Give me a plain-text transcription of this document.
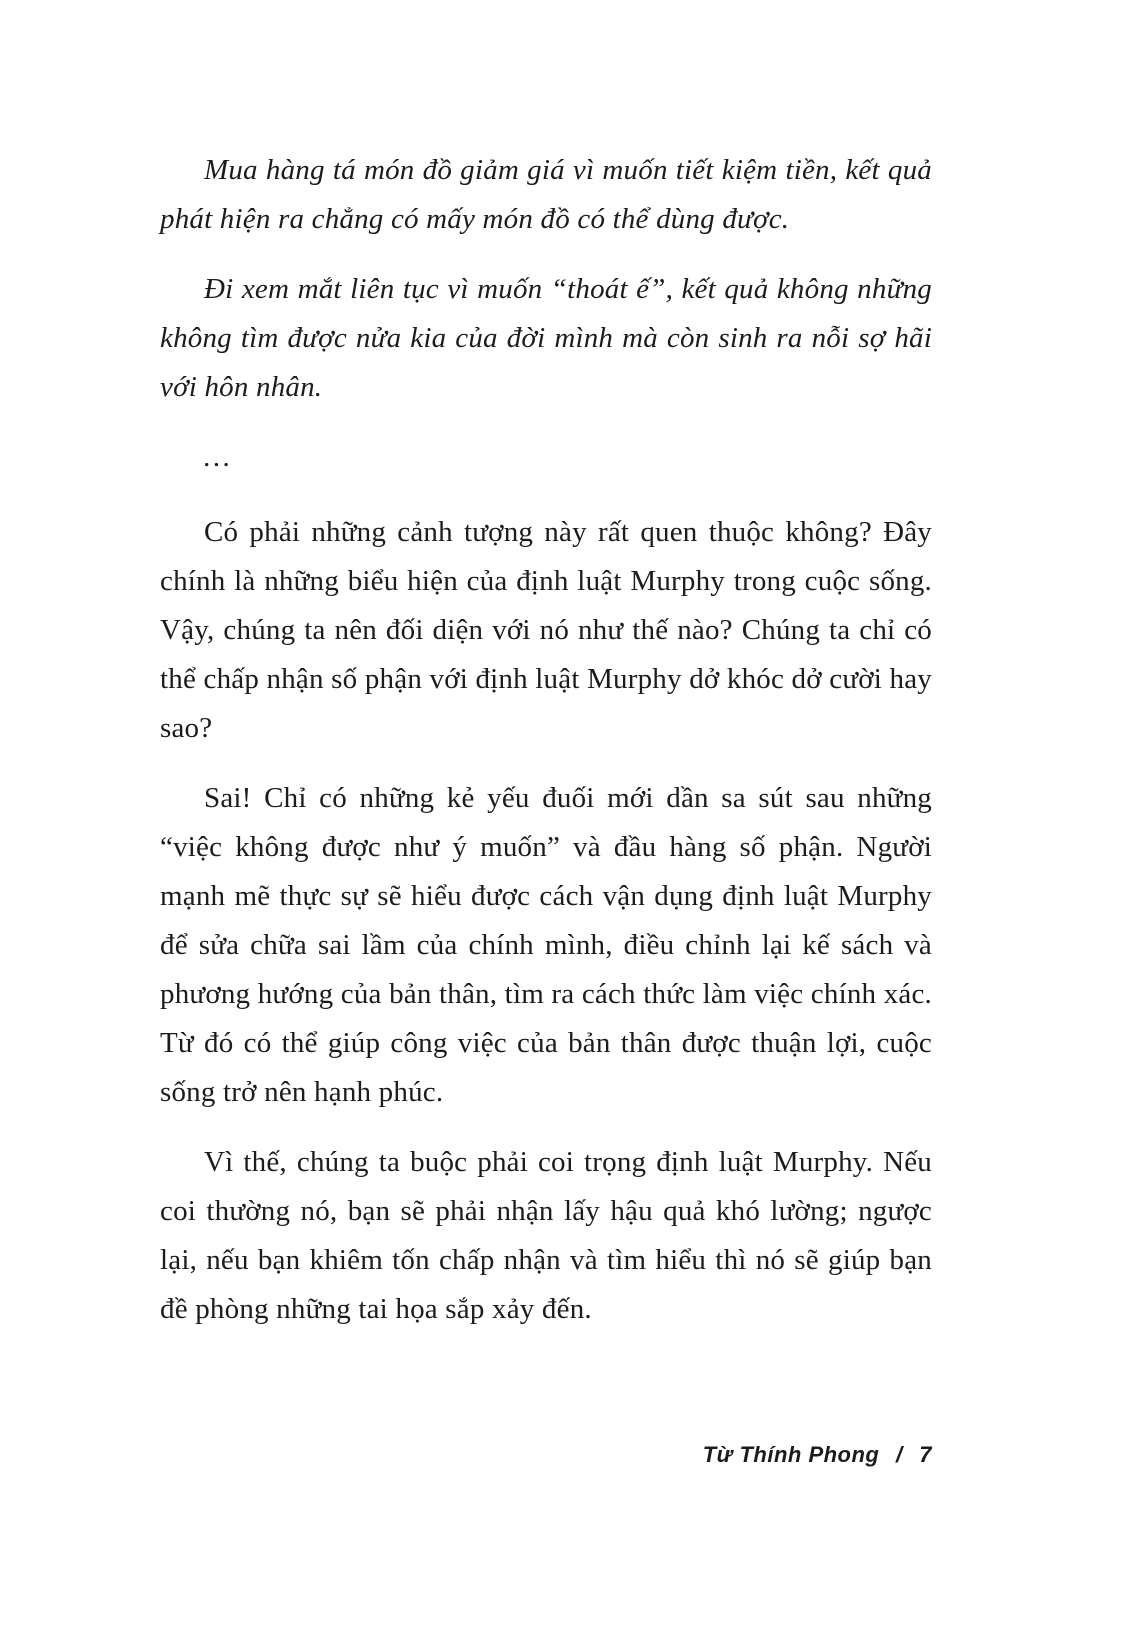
Mua hàng tá món đồ giảm giá vì muốn tiết kiệm tiền, kết quả phát hiện ra chẳng có mấy món đồ có thể dùng được.

Đi xem mắt liên tục vì muốn “thoát ế”, kết quả không những không tìm được nửa kia của đời mình mà còn sinh ra nỗi sợ hãi với hôn nhân.

…

Có phải những cảnh tượng này rất quen thuộc không? Đây chính là những biểu hiện của định luật Murphy trong cuộc sống. Vậy, chúng ta nên đối diện với nó như thế nào? Chúng ta chỉ có thể chấp nhận số phận với định luật Murphy dở khóc dở cười hay sao?

Sai! Chỉ có những kẻ yếu đuối mới dần sa sút sau những “việc không được như ý muốn” và đầu hàng số phận. Người mạnh mẽ thực sự sẽ hiểu được cách vận dụng định luật Murphy để sửa chữa sai lầm của chính mình, điều chỉnh lại kế sách và phương hướng của bản thân, tìm ra cách thức làm việc chính xác. Từ đó có thể giúp công việc của bản thân được thuận lợi, cuộc sống trở nên hạnh phúc.

Vì thế, chúng ta buộc phải coi trọng định luật Murphy. Nếu coi thường nó, bạn sẽ phải nhận lấy hậu quả khó lường; ngược lại, nếu bạn khiêm tốn chấp nhận và tìm hiểu thì nó sẽ giúp bạn đề phòng những tai họa sắp xảy đến.

Từ Thính Phong / 7
